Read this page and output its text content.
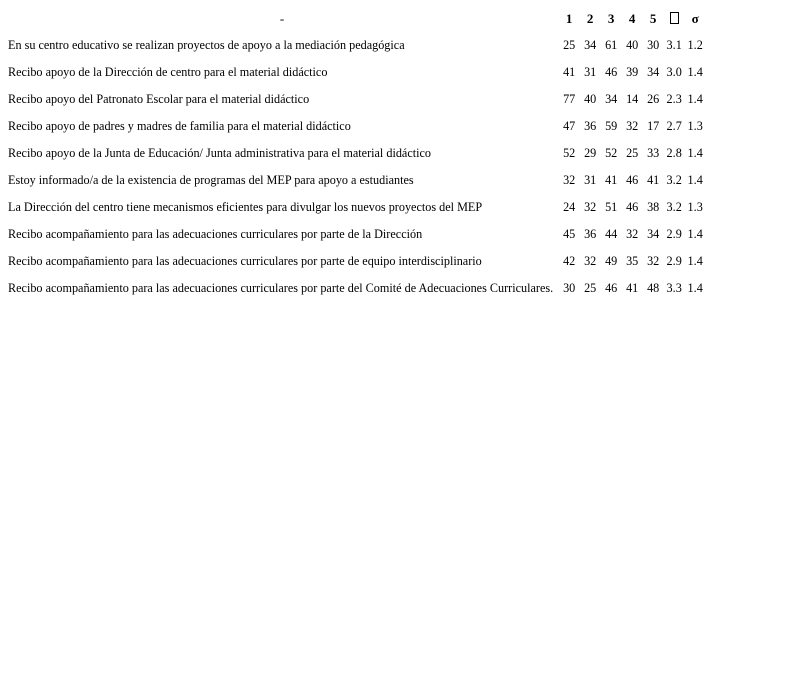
-	1	2	3	4	5		σ
En su centro educativo se realizan proyectos de apoyo a la mediación pedagógica	25	34	61	40	30	3.1	1.2
Recibo apoyo de la Dirección de centro para el material didáctico	41	31	46	39	34	3.0	1.4
Recibo apoyo del Patronato Escolar para el material didáctico	77	40	34	14	26	2.3	1.4
Recibo apoyo de padres y madres de familia para el material didáctico	47	36	59	32	17	2.7	1.3
Recibo apoyo de la Junta de Educación/ Junta administrativa para el material didáctico	52	29	52	25	33	2.8	1.4
Estoy informado/a de la existencia de programas del MEP para apoyo a estudiantes	32	31	41	46	41	3.2	1.4
La Dirección del centro tiene mecanismos eficientes para divulgar los nuevos proyectos del MEP	24	32	51	46	38	3.2	1.3
Recibo acompañamiento para las adecuaciones curriculares por parte de la Dirección	45	36	44	32	34	2.9	1.4
Recibo acompañamiento para las adecuaciones curriculares por parte de equipo interdisciplinario	42	32	49	35	32	2.9	1.4
Recibo acompañamiento para las adecuaciones curriculares por parte del Comité de Adecuaciones Curriculares.	30	25	46	41	48	3.3	1.4
